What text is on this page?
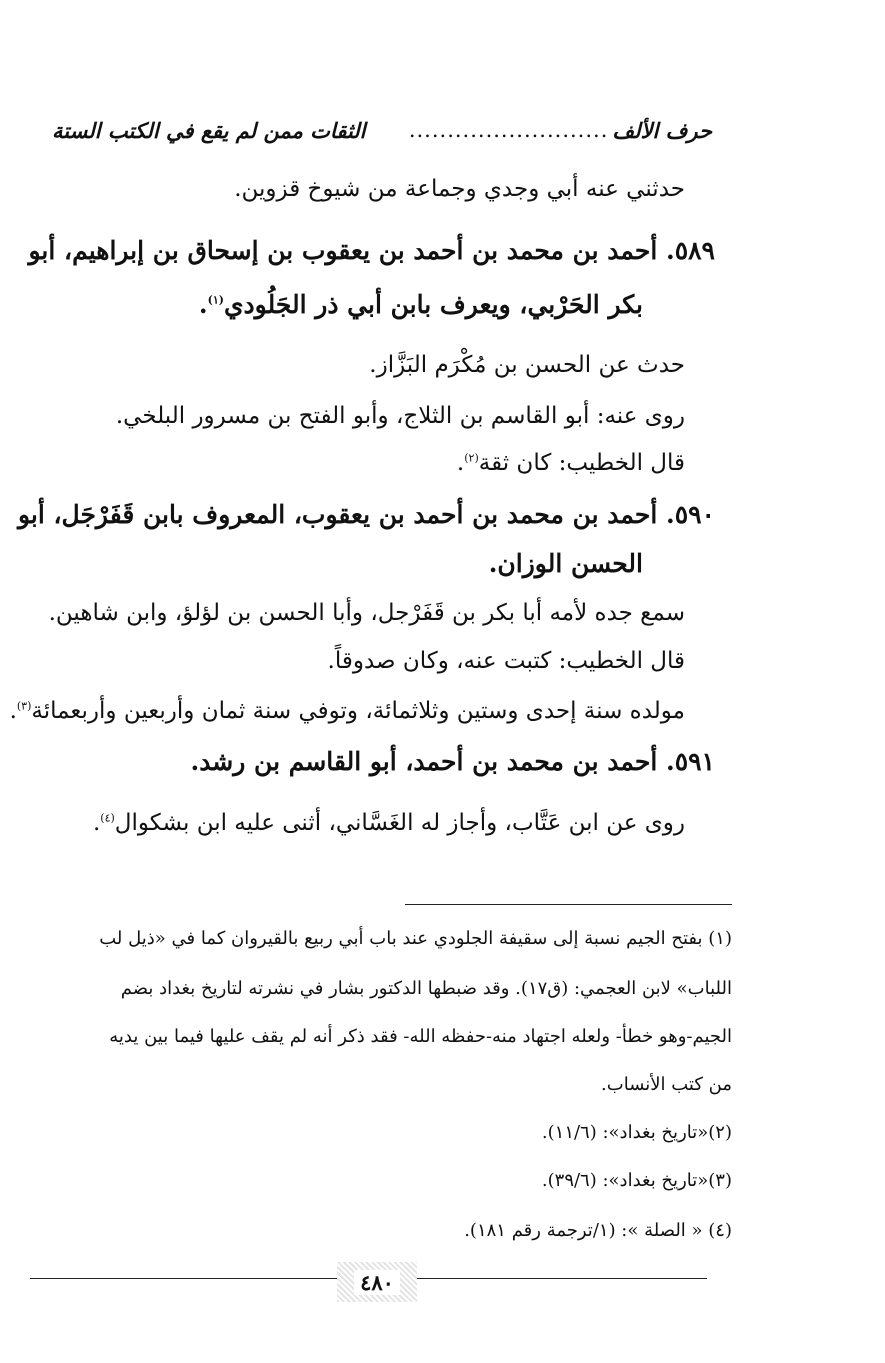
حرف الألف
..........................
الثقات ممن لم يقع في الكتب الستة
حدثني عنه أبي وجدي وجماعة من شيوخ قزوين.
٥٨٩. أحمد بن محمد بن أحمد بن يعقوب بن إسحاق بن إبراهيم، أبو
بكر الحَرْبي، ويعرف بابن أبي ذر الجَلُودي$^{(١)}$.
حدث عن الحسن بن مُكْرَم البَزَّاز.
روى عنه: أبو القاسم بن الثلاج، وأبو الفتح بن مسرور البلخي.
قال الخطيب: كان ثقة$^{(٢)}$.
٥٩٠. أحمد بن محمد بن أحمد بن يعقوب، المعروف بابن قَفَرْجَل، أبو
الحسن الوزان.
سمع جده لأمه أبا بكر بن قَفَرْجل، وأبا الحسن بن لؤلؤ، وابن شاهين.
قال الخطيب: كتبت عنه، وكان صدوقاً.
مولده سنة إحدى وستين وثلاثمائة، وتوفي سنة ثمان وأربعين وأربعمائة$^{(٣)}$.
٥٩١. أحمد بن محمد بن أحمد، أبو القاسم بن رشد.
روى عن ابن عَتَّاب، وأجاز له الغَسَّاني، أثنى عليه ابن بشكوال$^{(٤)}$.
(١) بفتح الجيم نسبة إلى سقيفة الجلودي عند باب أبي ربيع بالقيروان كما في «ذيل لب
اللباب» لابن العجمي: (ق١٧). وقد ضبطها الدكتور بشار في نشرته لتاريخ بغداد بضم
الجيم-وهو خطأ- ولعله اجتهاد منه-حفظه الله- فقد ذكر أنه لم يقف عليها فيما بين يديه
من كتب الأنساب.
(٢)«تاريخ بغداد»: (١١/٦).
(٣)«تاريخ بغداد»: (٣٩/٦).
(٤) « الصلة »: (١/ترجمة رقم ١٨١).
٤٨٠
